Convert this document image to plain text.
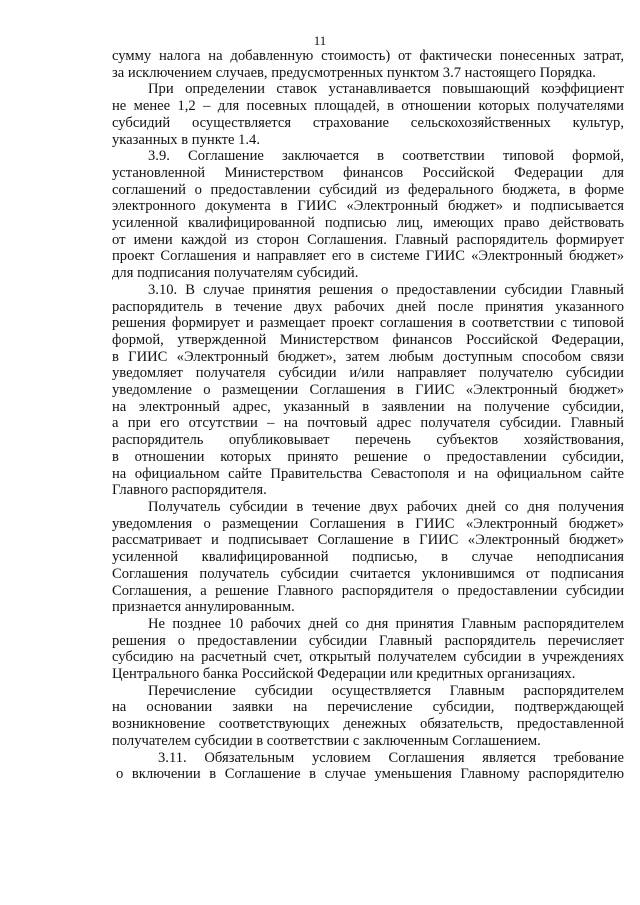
11
сумму налога на добавленную стоимость) от фактически понесенных затрат,
за исключением случаев, предусмотренных пунктом 3.7 настоящего Порядка.
При определении ставок устанавливается повышающий коэффициент
не менее 1,2 – для посевных площадей, в отношении которых получателями
субсидий осуществляется страхование сельскохозяйственных культур,
указанных в пункте 1.4.
3.9. Соглашение заключается в соответствии типовой формой,
установленной Министерством финансов Российской Федерации для
соглашений о предоставлении субсидий из федерального бюджета, в форме
электронного документа в ГИИС «Электронный бюджет» и подписывается
усиленной квалифицированной подписью лиц, имеющих право действовать
от имени каждой из сторон Соглашения. Главный распорядитель формирует
проект Соглашения и направляет его в системе ГИИС «Электронный бюджет»
для подписания получателям субсидий.
3.10. В случае принятия решения о предоставлении субсидии Главный
распорядитель в течение двух рабочих дней после принятия указанного
решения формирует и размещает проект соглашения в соответствии с типовой
формой, утвержденной Министерством финансов Российской Федерации,
в ГИИС «Электронный бюджет», затем любым доступным способом связи
уведомляет получателя субсидии и/или направляет получателю субсидии
уведомление о размещении Соглашения в ГИИС «Электронный бюджет»
на электронный адрес, указанный в заявлении на получение субсидии,
а при его отсутствии – на почтовый адрес получателя субсидии. Главный
распорядитель опубликовывает перечень субъектов хозяйствования,
в отношении которых принято решение о предоставлении субсидии,
на официальном сайте Правительства Севастополя и на официальном сайте
Главного распорядителя.
Получатель субсидии в течение двух рабочих дней со дня получения
уведомления о размещении Соглашения в ГИИС «Электронный бюджет»
рассматривает и подписывает Соглашение в ГИИС «Электронный бюджет»
усиленной квалифицированной подписью, в случае неподписания
Соглашения получатель субсидии считается уклонившимся от подписания
Соглашения, а решение Главного распорядителя о предоставлении субсидии
признается аннулированным.
Не позднее 10 рабочих дней со дня принятия Главным распорядителем
решения о предоставлении субсидии Главный распорядитель перечисляет
субсидию на расчетный счет, открытый получателем субсидии в учреждениях
Центрального банка Российской Федерации или кредитных организациях.
Перечисление субсидии осуществляется Главным распорядителем
на основании заявки на перечисление субсидии, подтверждающей
возникновение соответствующих денежных обязательств, предоставленной
получателем субсидии в соответствии с заключенным Соглашением.
3.11. Обязательным условием Соглашения является требование
о включении в Соглашение в случае уменьшения Главному распорядителю
